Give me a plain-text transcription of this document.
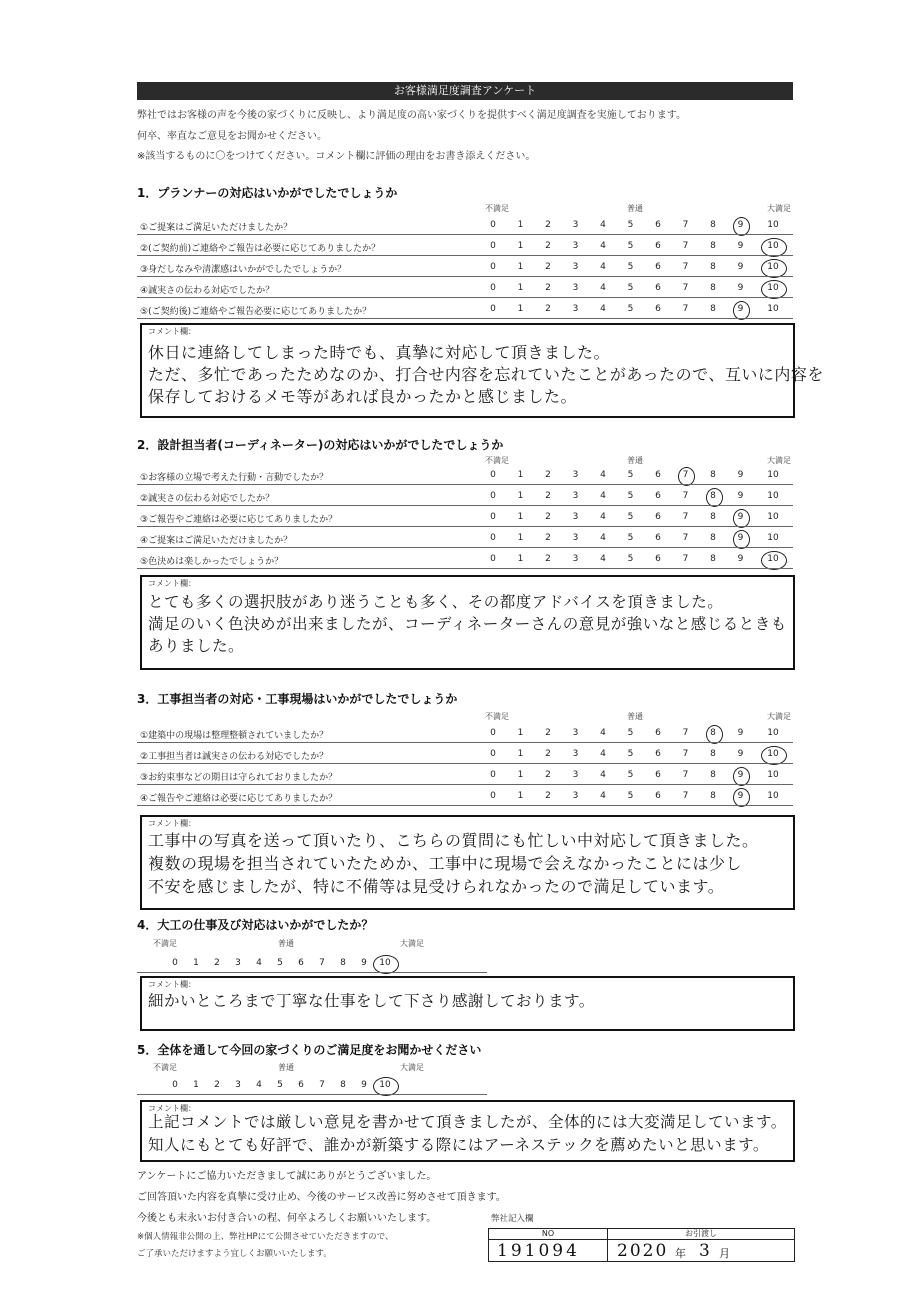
お客様満足度調査アンケート
弊社ではお客様の声を今後の家づくりに反映し、より満足度の高い家づくりを提供すべく満足度調査を実施しております。
何卒、率直なご意見をお聞かせください。
※該当するものに〇をつけてください。コメント欄に評価の理由をお書き添えください。
1．プランナーの対応はいかがでしたでしょうか
不満足	普通	大満足
①ご提案はご満足いただけましたか？	0	1	2	3	4	5	6	7	8	9	10
②(ご契約前)ご連絡やご報告は必要に応じてありましたか？	0	1	2	3	4	5	6	7	8	9	10
③身だしなみや清潔感はいかがでしたでしょうか？	0	1	2	3	4	5	6	7	8	9	10
④誠実さの伝わる対応でしたか？	0	1	2	3	4	5	6	7	8	9	10
⑤(ご契約後)ご連絡やご報告必要に応じてありましたか？	0	1	2	3	4	5	6	7	8	9	10
コメント欄：
休日に連絡してしまった時でも、真摯に対応して頂きました。
ただ、多忙であったためなのか、打合せ内容を忘れていたことがあったので、互いに内容を
保存しておけるメモ等があれば良かったかと感じました。
2．設計担当者(コーディネーター)の対応はいかがでしたでしょうか
不満足	普通	大満足
①お客様の立場で考えた行動・言動でしたか？	0	1	2	3	4	5	6	7	8	9	10
②誠実さの伝わる対応でしたか？	0	1	2	3	4	5	6	7	8	9	10
③ご報告やご連絡は必要に応じてありましたか？	0	1	2	3	4	5	6	7	8	9	10
④ご提案はご満足いただけましたか？	0	1	2	3	4	5	6	7	8	9	10
⑤色決めは楽しかったでしょうか？	0	1	2	3	4	5	6	7	8	9	10
コメント欄：
とても多くの選択肢があり迷うことも多く、その都度アドバイスを頂きました。
満足のいく色決めが出来ましたが、コーディネーターさんの意見が強いなと感じるときも
ありました。
3．工事担当者の対応・工事現場はいかがでしたでしょうか
不満足	普通	大満足
①建築中の現場は整理整頓されていましたか？	0	1	2	3	4	5	6	7	8	9	10
②工事担当者は誠実さの伝わる対応でしたか？	0	1	2	3	4	5	6	7	8	9	10
③お約束事などの期日は守られておりましたか？	0	1	2	3	4	5	6	7	8	9	10
④ご報告やご連絡は必要に応じてありましたか？	0	1	2	3	4	5	6	7	8	9	10
コメント欄：
工事中の写真を送って頂いたり、こちらの質問にも忙しい中対応して頂きました。
複数の現場を担当されていたためか、工事中に現場で会えなかったことには少し
不安を感じましたが、特に不備等は見受けられなかったので満足しています。
4．大工の仕事及び対応はいかがでしたか？
不満足	普通	大満足
0	1	2	3	4	5	6	7	8	9	10
コメント欄：
細かいところまで丁寧な仕事をして下さり感謝しております。
5．全体を通して今回の家づくりのご満足度をお聞かせください
不満足	普通	大満足
0	1	2	3	4	5	6	7	8	9	10
コメント欄：
上記コメントでは厳しい意見を書かせて頂きましたが、全体的には大変満足しています。
知人にもとても好評で、誰かが新築する際にはアーネステックを薦めたいと思います。
アンケートにご協力いただきまして誠にありがとうございました。
ご回答頂いた内容を真摯に受け止め、今後のサービス改善に努めさせて頂きます。
今後とも末永いお付き合いの程、何卒よろしくお願いいたします。
※個人情報非公開の上、弊社HPにて公開させていただきますので、
ご了承いただけますよう宜しくお願いいたします。
弊社記入欄
NO	お引渡し
191094 2020 年 3 月
